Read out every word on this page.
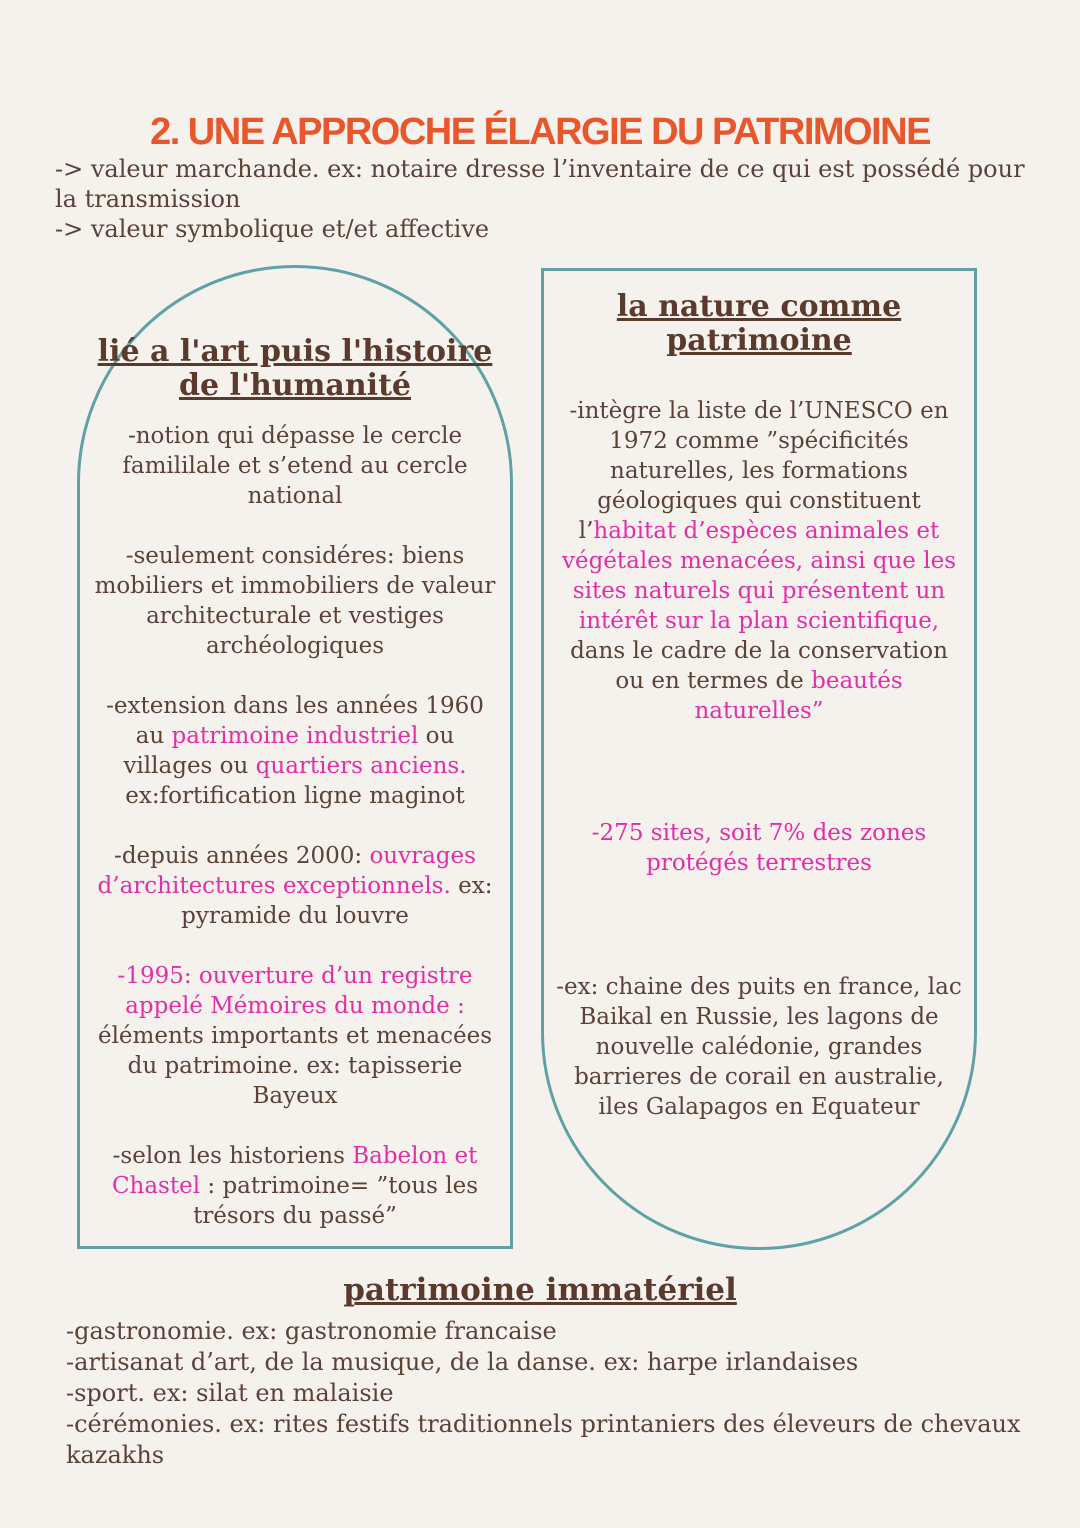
2. UNE APPROCHE ÉLARGIE DU PATRIMOINE

-> valeur marchande. ex: notaire dresse l’inventaire de ce qui est possédé pour la transmission

-> valeur symbolique et/et affective

lié a l'art puis l'histoire de l'humanité
-notion qui dépasse le cercle famililale et s’etend au cercle national
-seulement considéres: biens mobiliers et immobiliers de valeur architecturale et vestiges archéologiques
-extension dans les années 1960 au patrimoine industriel ou villages ou quartiers anciens. ex:fortification ligne maginot
-depuis années 2000: ouvrages d’architectures exceptionnels. ex: pyramide du louvre
-1995: ouverture d’un registre appelé Mémoires du monde : éléments importants et menacées du patrimoine. ex: tapisserie Bayeux
-selon les historiens Babelon et Chastel : patrimoine= ”tous les trésors du passé”
la nature comme patrimoine
-intègre la liste de l’UNESCO en 1972 comme ”spécificités naturelles, les formations géologiques qui constituent l’habitat d’espèces animales et végétales menacées, ainsi que les sites naturels qui présentent un intérêt sur la plan scientifique, dans le cadre de la conservation ou en termes de beautés naturelles”
-275 sites, soit 7% des zones protégés terrestres
-ex: chaine des puits en france, lac Baikal en Russie, les lagons de nouvelle calédonie, grandes barrieres de corail en australie, iles Galapagos en Equateur
patrimoine immatériel

-gastronomie. ex: gastronomie francaise

-artisanat d’art, de la musique, de la danse. ex: harpe irlandaises

-sport. ex: silat en malaisie

-cérémonies. ex: rites festifs traditionnels printaniers des éleveurs de chevaux kazakhs
